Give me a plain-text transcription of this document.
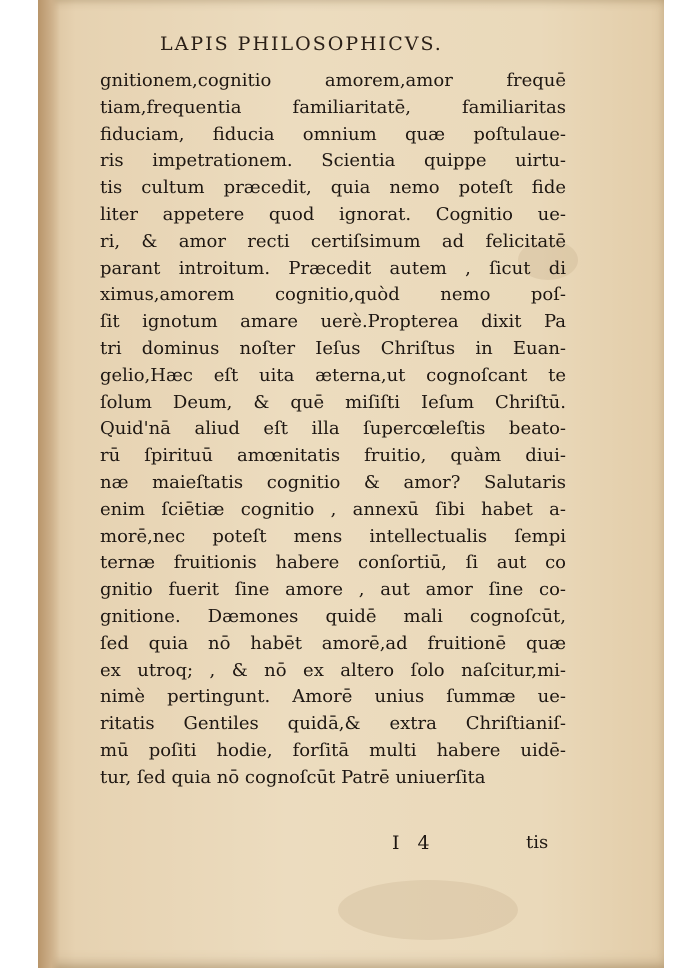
LAPIS PHILOSOPHICVS.
gnitionem,cognitio amorem,amor frequē
tiam,frequentia familiaritatē, familiaritas
fiduciam, fiducia omnium quæ poſtulaue-
ris impetrationem. Scientia quippe uirtu-
tis cultum præcedit, quia nemo poteſt fide
liter appetere quod ignorat. Cognitio ue-
ri, & amor recti certiſsimum ad felicitatē
parant introitum. Præcedit autem , ſicut di
ximus,amorem cognitio,quòd nemo poſ-
ſit ignotum amare uerè.Propterea dixit Pa
tri dominus noſter Ieſus Chriſtus in Euan-
gelio,Hæc eſt uita æterna,ut cognoſcant te
ſolum Deum, & quē miſiſti Ieſum Chriſtū.
Quid'nā aliud eſt illa ſupercœleſtis beato-
rū ſpirituū amœnitatis fruitio, quàm diui-
næ maieſtatis cognitio & amor? Salutaris
enim ſciētiæ cognitio , annexū ſibi habet a-
morē,nec poteſt mens intellectualis ſempi
ternæ fruitionis habere conſortiū, ſi aut co
gnitio fuerit ſine amore , aut amor ſine co-
gnitione. Dæmones quidē mali cognoſcūt,
ſed quia nō habēt amorē,ad fruitionē quæ
ex utroq; , & nō ex altero ſolo naſcitur,mi-
nimè pertingunt. Amorē unius ſummæ ue-
ritatis Gentiles quidā,& extra Chriſtianiſ-
mū poſiti hodie, forſitā multi habere uidē-
tur, ſed quia nō cognoſcūt Patrē uniuerſita
I 4	tis
